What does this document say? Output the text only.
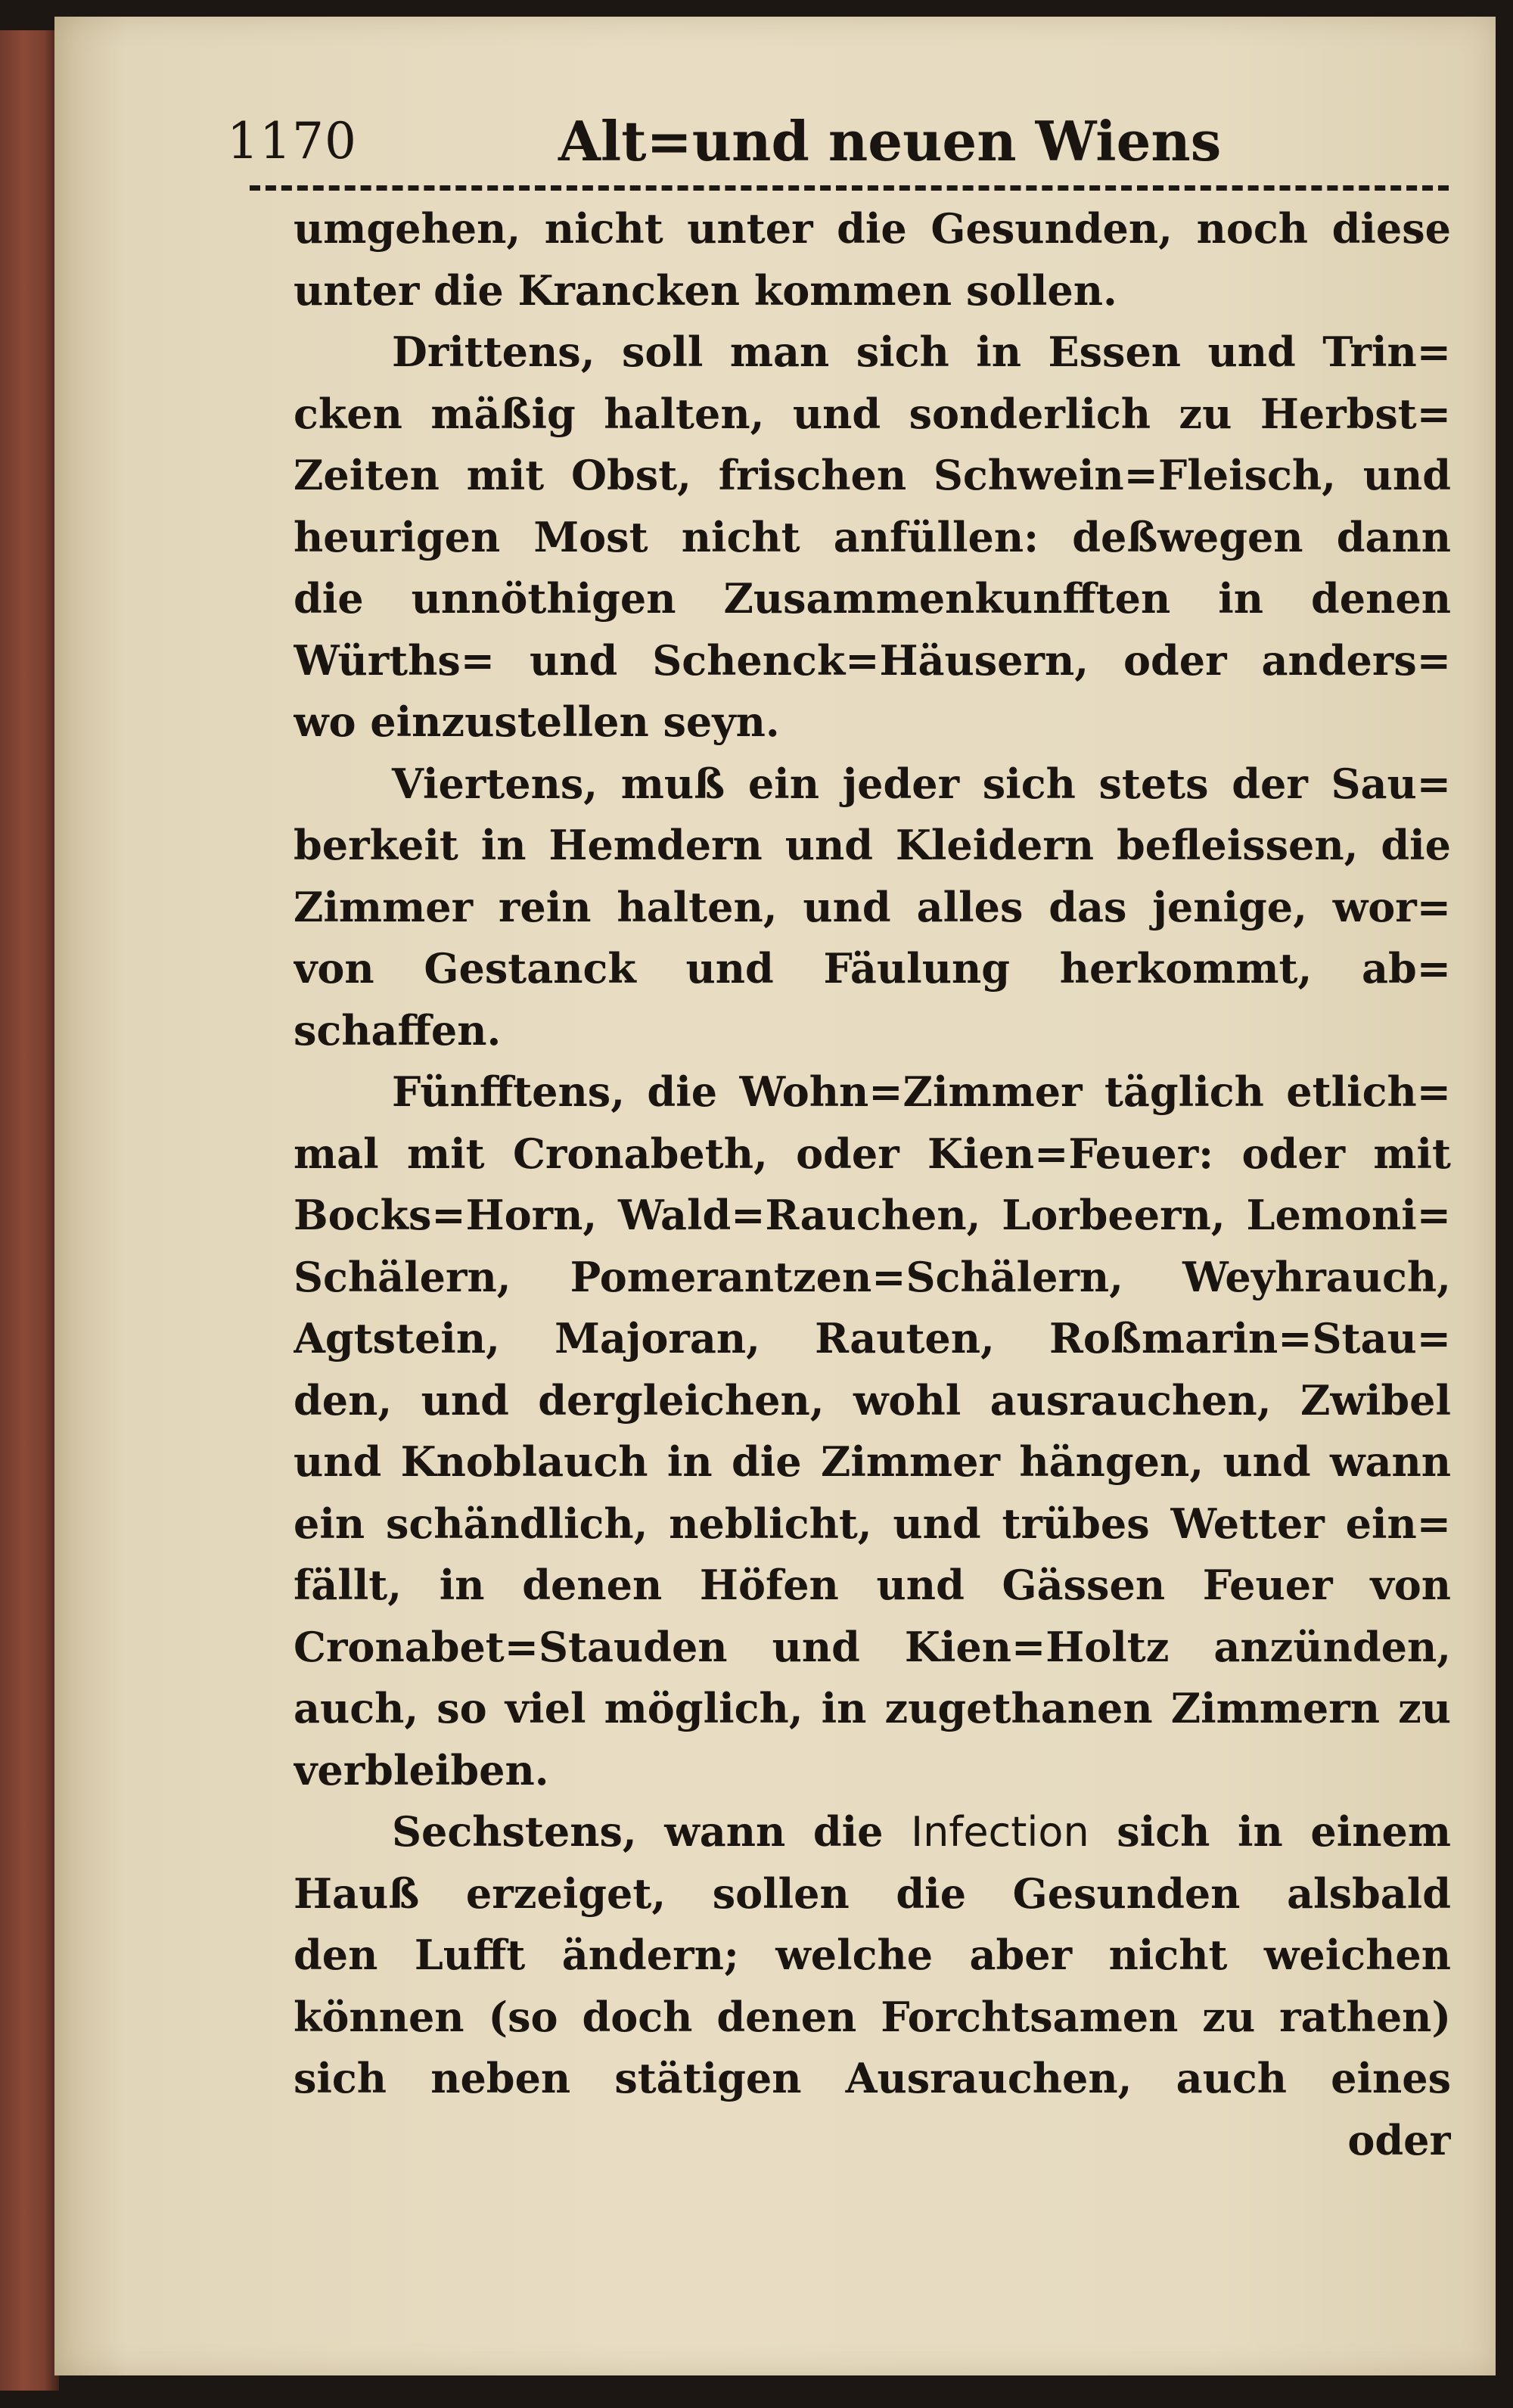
1170	Alt=und neuen Wiens
umgehen, nicht unter die Gesunden, noch diese
unter die Krancken kommen sollen.
Drittens, soll man sich in Essen und Trin=
cken mäßig halten, und sonderlich zu Herbst=
Zeiten mit Obst, frischen Schwein=Fleisch, und
heurigen Most nicht anfüllen: deßwegen dann
die unnöthigen Zusammenkunfften in denen
Würths= und Schenck=Häusern, oder anders=
wo einzustellen seyn.
Viertens, muß ein jeder sich stets der Sau=
berkeit in Hemdern und Kleidern befleissen, die
Zimmer rein halten, und alles das jenige, wor=
von Gestanck und Fäulung herkommt, ab=
schaffen.
Fünfftens, die Wohn=Zimmer täglich etlich=
mal mit Cronabeth, oder Kien=Feuer: oder mit
Bocks=Horn, Wald=Rauchen, Lorbeern, Lemoni=
Schälern, Pomerantzen=Schälern, Weyhrauch,
Agtstein, Majoran, Rauten, Roßmarin=Stau=
den, und dergleichen, wohl ausrauchen, Zwibel
und Knoblauch in die Zimmer hängen, und wann
ein schändlich, neblicht, und trübes Wetter ein=
fällt, in denen Höfen und Gässen Feuer von
Cronabet=Stauden und Kien=Holtz anzünden,
auch, so viel möglich, in zugethanen Zimmern zu
verbleiben.
Sechstens, wann die Infection sich in einem
Hauß erzeiget, sollen die Gesunden alsbald
den Lufft ändern; welche aber nicht weichen
können (so doch denen Forchtsamen zu rathen)
sich neben stätigen Ausrauchen, auch eines
oder
